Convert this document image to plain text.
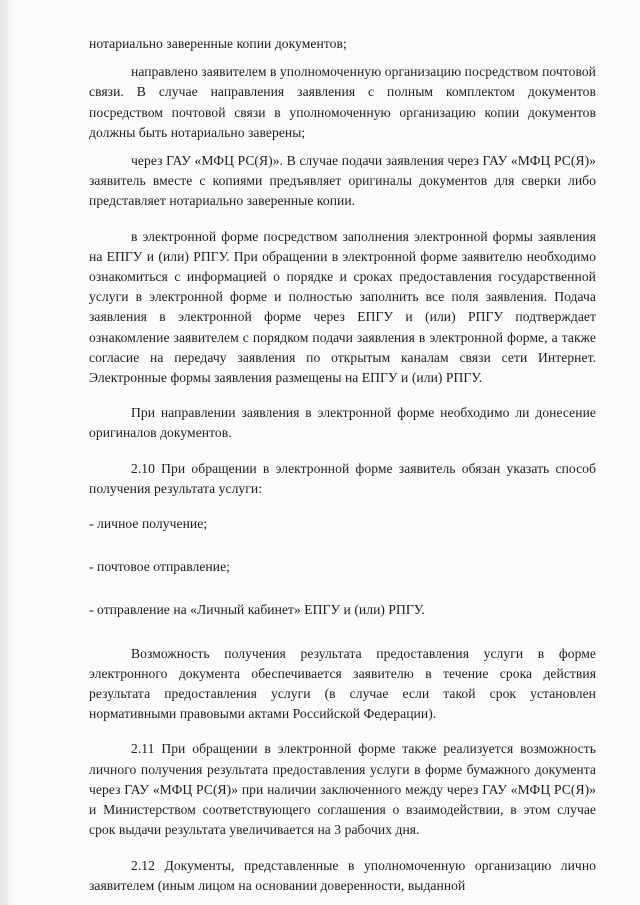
нотариально заверенные копии документов;

направлено заявителем в уполномоченную организацию посредством почтовой связи. В случае направления заявления с полным комплектом документов посредством почтовой связи в уполномоченную организацию копии документов должны быть нотариально заверены;

через ГАУ «МФЦ РС(Я)». В случае подачи заявления через ГАУ «МФЦ РС(Я)» заявитель вместе с копиями предъявляет оригиналы документов для сверки либо представляет нотариально заверенные копии.

в электронной форме посредством заполнения электронной формы заявления на ЕПГУ и (или) РПГУ. При обращении в электронной форме заявителю необходимо ознакомиться с информацией о порядке и сроках предоставления государственной услуги в электронной форме и полностью заполнить все поля заявления. Подача заявления в электронной форме через ЕПГУ и (или) РПГУ подтверждает ознакомление заявителем с порядком подачи заявления в электронной форме, а также согласие на передачу заявления по открытым каналам связи сети Интернет. Электронные формы заявления размещены на ЕПГУ и (или) РПГУ.

При направлении заявления в электронной форме необходимо ли донесение оригиналов документов.

2.10 При обращении в электронной форме заявитель обязан указать способ получения результата услуги:

- личное получение;

- почтовое отправление;

- отправление на «Личный кабинет» ЕПГУ и (или) РПГУ.

Возможность получения результата предоставления услуги в форме электронного документа обеспечивается заявителю в течение срока действия результата предоставления услуги (в случае если такой срок установлен нормативными правовыми актами Российской Федерации).

2.11 При обращении в электронной форме также реализуется возможность личного получения результата предоставления услуги в форме бумажного документа через ГАУ «МФЦ РС(Я)» при наличии заключенного между через ГАУ «МФЦ РС(Я)» и Министерством соответствующего соглашения о взаимодействии, в этом случае срок выдачи результата увеличивается на 3 рабочих дня.

2.12 Документы, представленные в уполномоченную организацию лично заявителем (иным лицом на основании доверенности, выданной
